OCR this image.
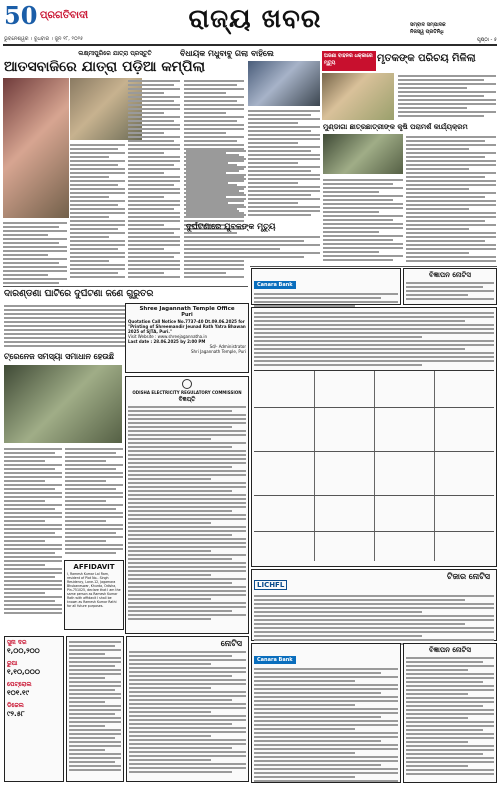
50 ପ୍ରଗତିବାଦୀ
ଭୁବନେଶ୍ୱର । ବୁଧବାର । ଜୁନ ୧୮, ୨୦୨୫
ରାଜ୍ୟ ଖବର	ସମ୍ବାଦ ସମ୍ପାଦକ
ନିଜସ୍ୱ ପ୍ରତିନିଧି
ପୃଷ୍ଠା - ୫
ଲକ୍ଷ୍ମୀପୁରିରେ ଯାତ୍ରା ପ୍ରସ୍ତୁତି
ଆତସବାଜିରେ ଯାତ୍ରା ପଡ଼ିଆ କମ୍ପିଲା
ବିଧାୟକ ମଧୁବାବୁ ଗଲା ବାହିଲେ	ଅଜଣା ବାହନର ଧକ୍କାରେ ମୃତ୍ୟୁ	ମୃତକଙ୍କ ପରିଚୟ ମିଳିଲା
ମୁଣ୍ଡାଗା ଛାତ୍ରଛାତ୍ରୀଙ୍କ କୃଷି ପରାମର୍ଶ କାର୍ଯ୍ୟକ୍ରମ
ଦୁର୍ଘଟଣାରେ ଯୁବକଙ୍କ ମୃତ୍ୟୁ
ଦାରଣ୍ଡଣା ଘାଟିରେ ଦୁର୍ଘଟଣା ଜଣେ ଗୁରୁତର
Shree Jagannath Temple Office
Puri
Quotation Call Notice No.7737-40 Dt.09.06.2025 for "Printing of Shreemandir Jeunad Rath Yatra Bhawan 2025 of SJTA, Puri."
Visit Website : www.shreejagannatha.in
Last date : 28.06.2025 by 2:00 PM
Sd/- Administrator
Shri Jagannath Temple, Puri
ଟ୍ରେନେଜ ସମସ୍ୟା ସମାଧାନ ହେଉଛି
AFFIDAVIT
I, Ramesh Kumar Lal Ram, resident of Plot No.- Singh Residency, Lane-12, Jagamara Bhubaneswar, Khurda, Odisha, Pin-751025, declare that I am the same person as Ramesh Kumar Rath with affidavit I shall be known as Ramesh Kumar Rathi for all future purposes.
ODISHA ELECTRICITY REGULATORY COMMISSION
ବିଜ୍ଞପ୍ତି
Canara Bank
ବିଜ୍ଞାପନ ନୋଟିସ
LICHFL
ଟିଜାର ନୋଟିସ
Canara Bank
ବିଜ୍ଞାପନ ନୋଟିସ
ସୁନା ଦର
୧,୦୦,୨୦୦
ରୁପା
୧,୧୦,୦୦୦
ପେଟ୍ରୋଲ
୧୦୧.୧୯
ଡିଜେଲ
୯୨.୫୮
ନୋଟିସ
